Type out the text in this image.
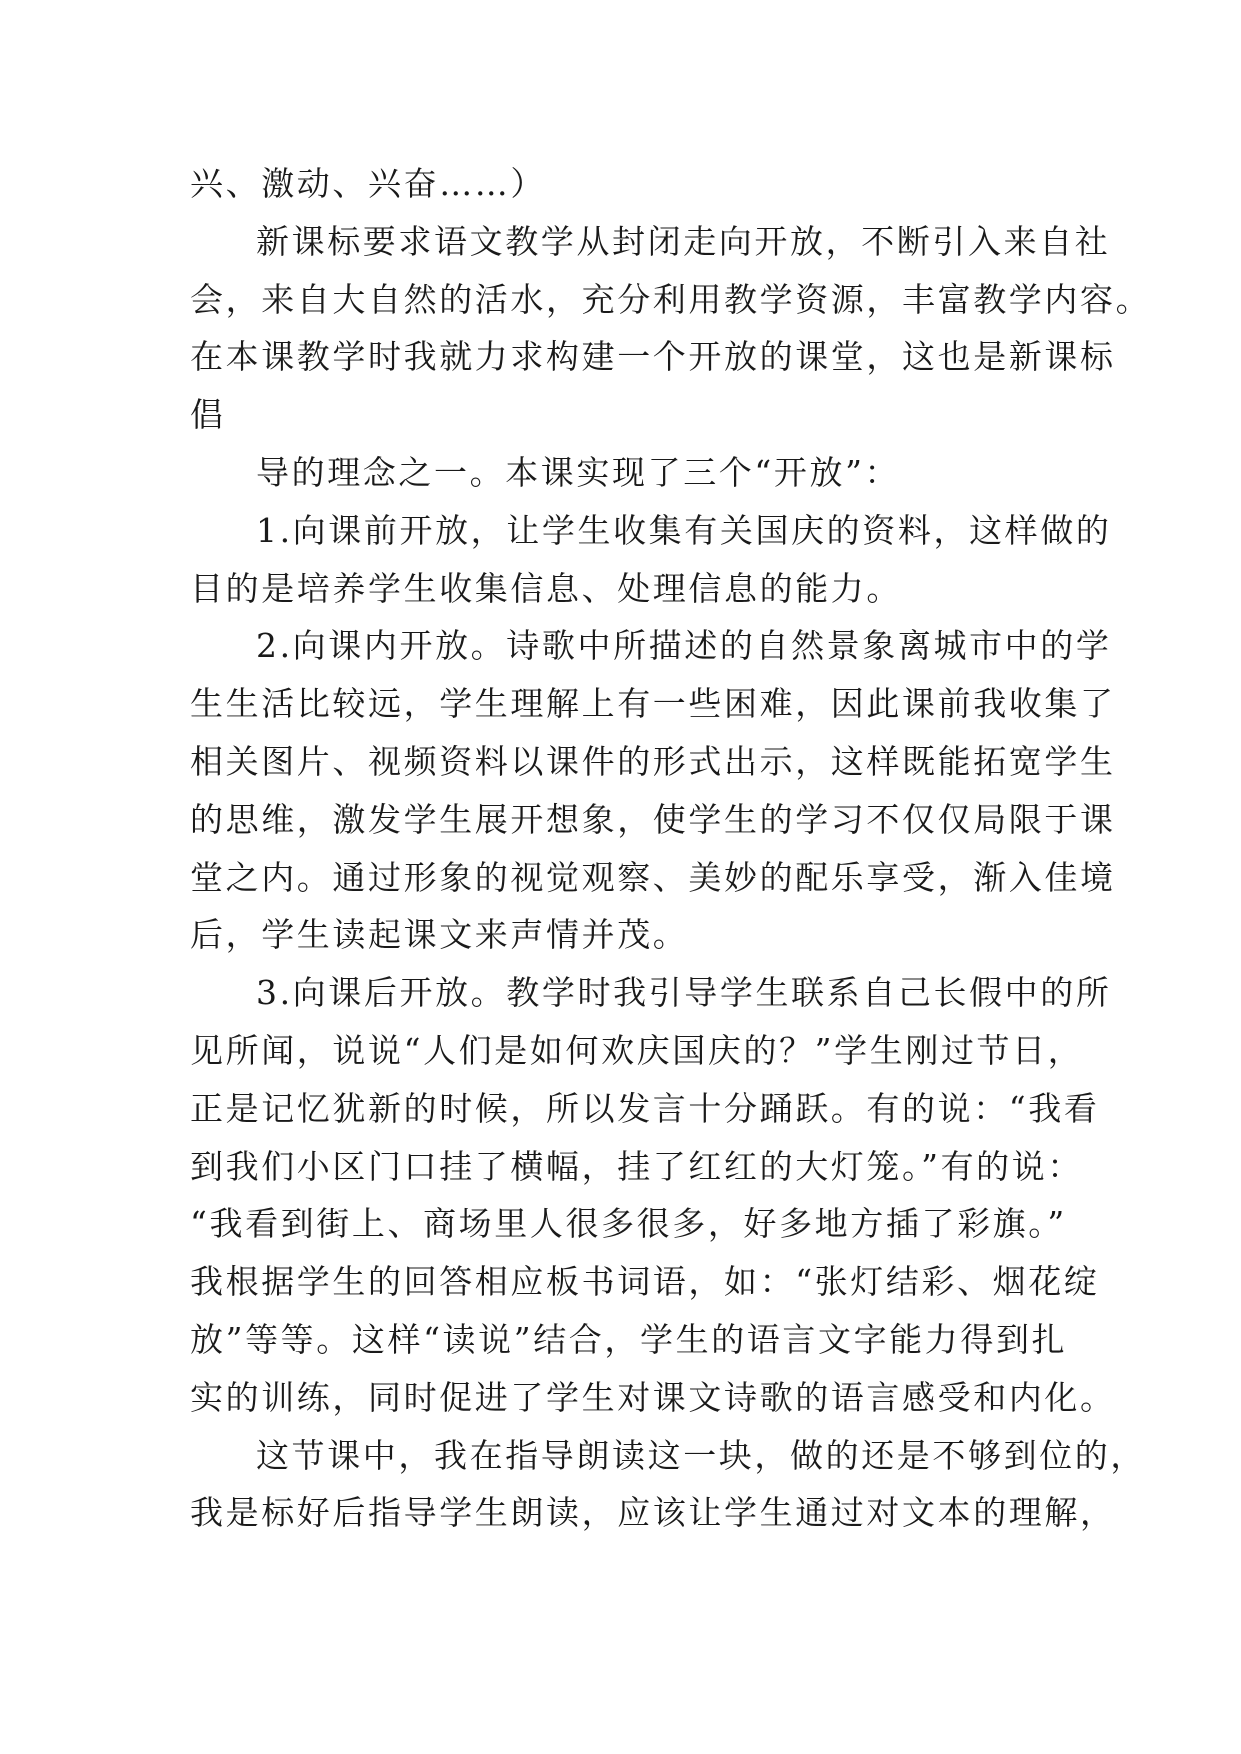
兴、激动、兴奋……）
新课标要求语文教学从封闭走向开放，不断引入来自社
会，来自大自然的活水，充分利用教学资源，丰富教学内容。
在本课教学时我就力求构建一个开放的课堂，这也是新课标
倡
导的理念之一。本课实现了三个“开放”：
1.向课前开放，让学生收集有关国庆的资料，这样做的
目的是培养学生收集信息、处理信息的能力。
2.向课内开放。诗歌中所描述的自然景象离城市中的学
生生活比较远，学生理解上有一些困难，因此课前我收集了
相关图片、视频资料以课件的形式出示，这样既能拓宽学生
的思维，激发学生展开想象，使学生的学习不仅仅局限于课
堂之内。通过形象的视觉观察、美妙的配乐享受，渐入佳境
后，学生读起课文来声情并茂。
3.向课后开放。教学时我引导学生联系自己长假中的所
见所闻，说说“人们是如何欢庆国庆的？”学生刚过节日，
正是记忆犹新的时候，所以发言十分踊跃。有的说：“我看
到我们小区门口挂了横幅，挂了红红的大灯笼。”有的说：
“我看到街上、商场里人很多很多，好多地方插了彩旗。”
我根据学生的回答相应板书词语，如：“张灯结彩、烟花绽
放”等等。这样“读说”结合，学生的语言文字能力得到扎
实的训练，同时促进了学生对课文诗歌的语言感受和内化。
这节课中，我在指导朗读这一块，做的还是不够到位的，
我是标好后指导学生朗读，应该让学生通过对文本的理解，
